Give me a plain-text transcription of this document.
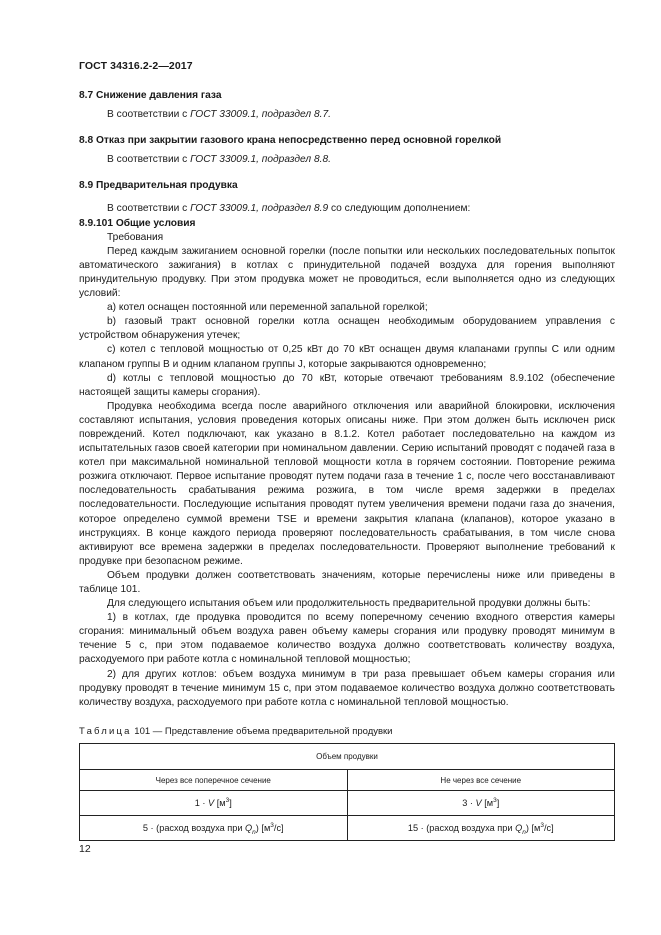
ГОСТ 34316.2-2—2017

8.7 Снижение давления газа

В соответствии с ГОСТ 33009.1, подраздел 8.7.

8.8 Отказ при закрытии газового крана непосредственно перед основной горелкой

В соответствии с ГОСТ 33009.1, подраздел 8.8.

8.9 Предварительная продувка

В соответствии с ГОСТ 33009.1, подраздел 8.9 со следующим дополнением:

8.9.101 Общие условия

Требования

Перед каждым зажиганием основной горелки (после попытки или нескольких последовательных попыток автоматического зажигания) в котлах с принудительной подачей воздуха для горения выполняют принудительную продувку. При этом продувка может не проводиться, если выполняется одно из следующих условий:

а) котел оснащен постоянной или переменной запальной горелкой;

b) газовый тракт основной горелки котла оснащен необходимым оборудованием управления с устройством обнаружения утечек;

с) котел с тепловой мощностью от 0,25 кВт до 70 кВт оснащен двумя клапанами группы С или одним клапаном группы В и одним клапаном группы J, которые закрываются одновременно;

d) котлы с тепловой мощностью до 70 кВт, которые отвечают требованиям 8.9.102 (обеспечение настоящей защиты камеры сгорания).

Продувка необходима всегда после аварийного отключения или аварийной блокировки, исключения составляют испытания, условия проведения которых описаны ниже. При этом должен быть исключен риск повреждений. Котел подключают, как указано в 8.1.2. Котел работает последовательно на каждом из испытательных газов своей категории при номинальном давлении. Серию испытаний проводят с подачей газа в котел при максимальной номинальной тепловой мощности котла в горячем состоянии. Повторение режима розжига отключают. Первое испытание проводят путем подачи газа в течение 1 с, после чего восстанавливают последовательность срабатывания режима розжига, в том числе время задержки в пределах последовательности. Последующие испытания проводят путем увеличения времени подачи газа до значения, которое определено суммой времени TSE и времени закрытия клапана (клапанов), которое указано в инструкциях. В конце каждого периода проверяют последовательность срабатывания, в том числе снова активируют все времена задержки в пределах последовательности. Проверяют выполнение требований к продувке при безопасном режиме.

Объем продувки должен соответствовать значениям, которые перечислены ниже или приведены в таблице 101.

Для следующего испытания объем или продолжительность предварительной продувки должны быть:

1) в котлах, где продувка проводится по всему поперечному сечению входного отверстия камеры сгорания: минимальный объем воздуха равен объему камеры сгорания или продувку проводят минимум в течение 5 с, при этом подаваемое количество воздуха должно соответствовать количеству воздуха, расходуемого при работе котла с номинальной тепловой мощностью;

2) для других котлов: объем воздуха минимум в три раза превышает объем камеры сгорания или продувку проводят в течение минимум 15 с, при этом подаваемое количество воздуха должно соответствовать количеству воздуха, расходуемого при работе котла с номинальной тепловой мощностью.

Таблица 101 — Представление объема предварительной продувки
Объем продувки	
Через все поперечное сечение	Не через все сечение
1 · V $[м^3]$	3 · V $[м^3]$
5 · (расход воздуха при $Q_n$) $[м^3/с]$	15 · (расход воздуха при $Q_n$) $[м^3/с]$
12
